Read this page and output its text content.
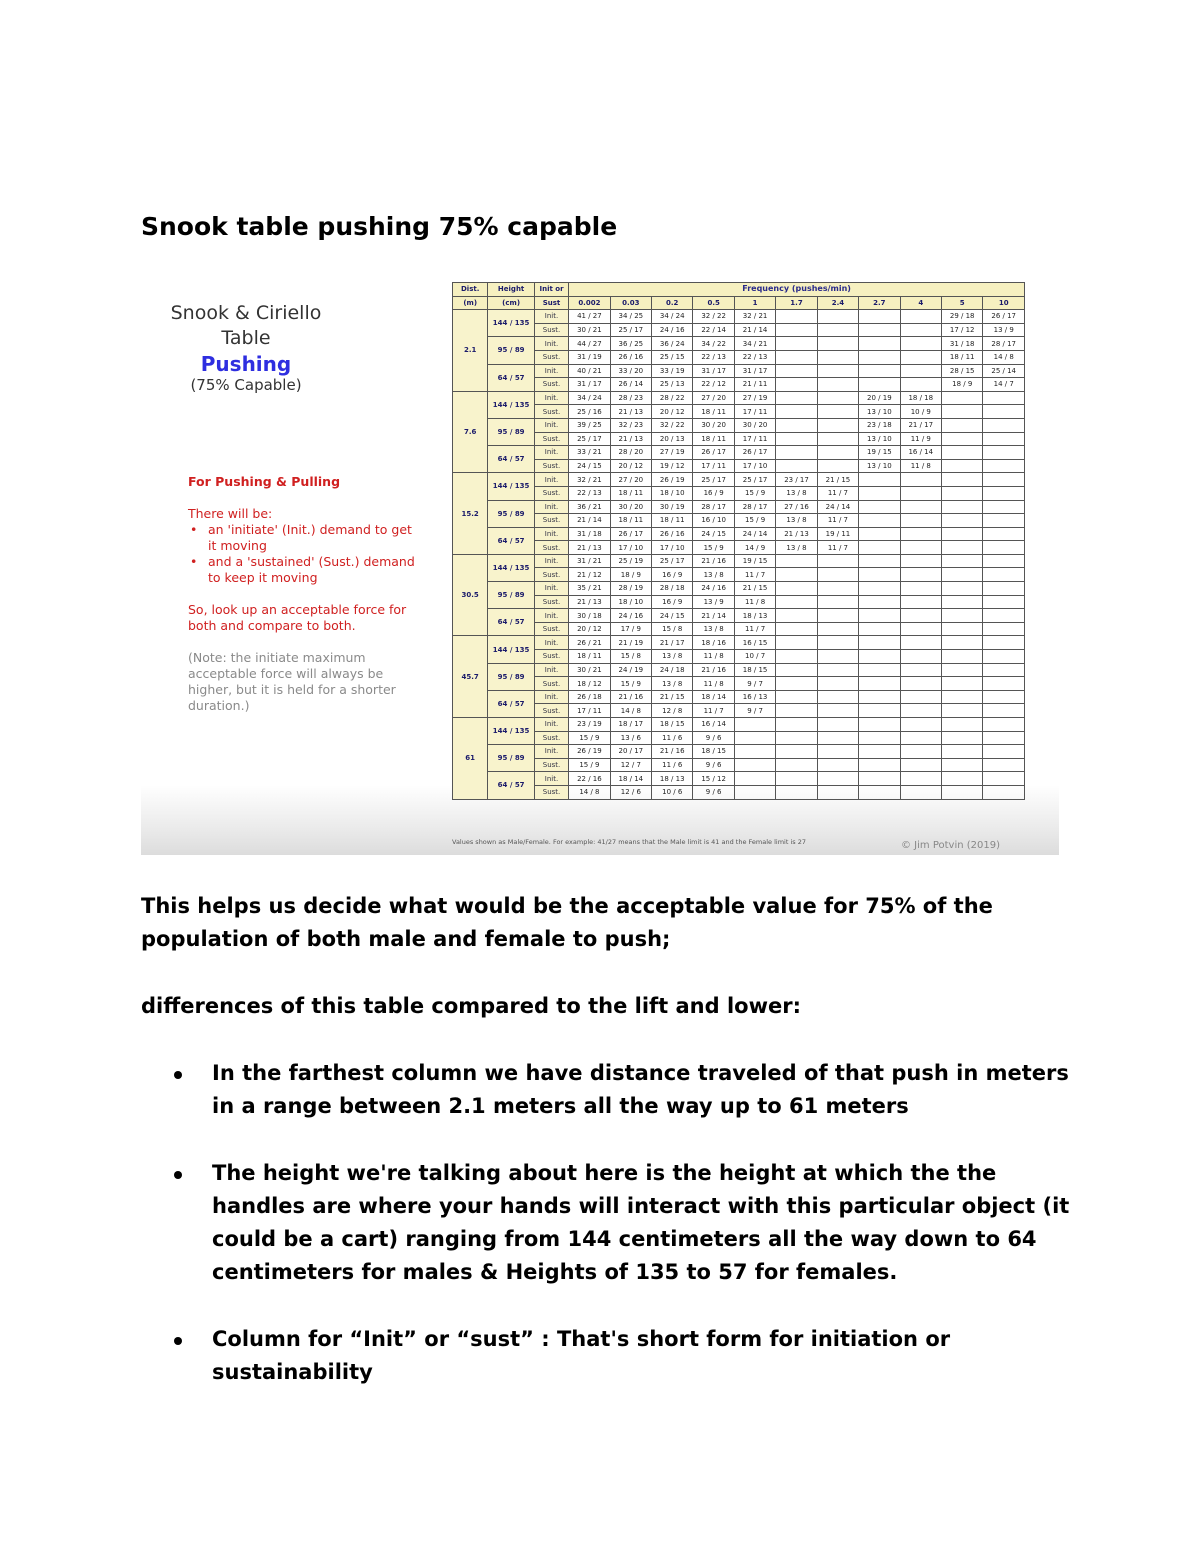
Snook table pushing 75% capable
Snook & Ciriello
Table
Pushing
(75% Capable)
For Pushing & Pulling
There will be:
• an 'initiate' (Init.) demand to get it moving
• and a 'sustained' (Sust.) demand to keep it moving
So, look up an acceptable force for both and compare to both.
(Note: the initiate maximum acceptable force will always be higher, but it is held for a shorter duration.)
Dist.	Height	Init or	Frequency (pushes/min)										
(m)	(cm)	Sust	0.002	0.03	0.2	0.5	1	1.7	2.4	2.7	4	5	10
2.1	144 / 135	Init.	41 / 27	34 / 25	34 / 24	32 / 22	32 / 21					29 / 18	26 / 17
		Sust.	30 / 21	25 / 17	24 / 16	22 / 14	21 / 14					17 / 12	13 / 9
	95 / 89	Init.	44 / 27	36 / 25	36 / 24	34 / 22	34 / 21					31 / 18	28 / 17
		Sust.	31 / 19	26 / 16	25 / 15	22 / 13	22 / 13					18 / 11	14 / 8
	64 / 57	Init.	40 / 21	33 / 20	33 / 19	31 / 17	31 / 17					28 / 15	25 / 14
		Sust.	31 / 17	26 / 14	25 / 13	22 / 12	21 / 11					18 / 9	14 / 7
7.6	144 / 135	Init.	34 / 24	28 / 23	28 / 22	27 / 20	27 / 19			20 / 19	18 / 18		
		Sust.	25 / 16	21 / 13	20 / 12	18 / 11	17 / 11			13 / 10	10 / 9		
	95 / 89	Init.	39 / 25	32 / 23	32 / 22	30 / 20	30 / 20			23 / 18	21 / 17		
		Sust.	25 / 17	21 / 13	20 / 13	18 / 11	17 / 11			13 / 10	11 / 9		
	64 / 57	Init.	33 / 21	28 / 20	27 / 19	26 / 17	26 / 17			19 / 15	16 / 14		
		Sust.	24 / 15	20 / 12	19 / 12	17 / 11	17 / 10			13 / 10	11 / 8		
15.2	144 / 135	Init.	32 / 21	27 / 20	26 / 19	25 / 17	25 / 17	23 / 17	21 / 15				
		Sust.	22 / 13	18 / 11	18 / 10	16 / 9	15 / 9	13 / 8	11 / 7				
	95 / 89	Init.	36 / 21	30 / 20	30 / 19	28 / 17	28 / 17	27 / 16	24 / 14				
		Sust.	21 / 14	18 / 11	18 / 11	16 / 10	15 / 9	13 / 8	11 / 7				
	64 / 57	Init.	31 / 18	26 / 17	26 / 16	24 / 15	24 / 14	21 / 13	19 / 11				
		Sust.	21 / 13	17 / 10	17 / 10	15 / 9	14 / 9	13 / 8	11 / 7				
30.5	144 / 135	Init.	31 / 21	25 / 19	25 / 17	21 / 16	19 / 15						
		Sust.	21 / 12	18 / 9	16 / 9	13 / 8	11 / 7						
	95 / 89	Init.	35 / 21	28 / 19	28 / 18	24 / 16	21 / 15						
		Sust.	21 / 13	18 / 10	16 / 9	13 / 9	11 / 8						
	64 / 57	Init.	30 / 18	24 / 16	24 / 15	21 / 14	18 / 13						
		Sust.	20 / 12	17 / 9	15 / 8	13 / 8	11 / 7						
45.7	144 / 135	Init.	26 / 21	21 / 19	21 / 17	18 / 16	16 / 15						
		Sust.	18 / 11	15 / 8	13 / 8	11 / 8	10 / 7						
	95 / 89	Init.	30 / 21	24 / 19	24 / 18	21 / 16	18 / 15						
		Sust.	18 / 12	15 / 9	13 / 8	11 / 8	9 / 7						
	64 / 57	Init.	26 / 18	21 / 16	21 / 15	18 / 14	16 / 13						
		Sust.	17 / 11	14 / 8	12 / 8	11 / 7	9 / 7						
61	144 / 135	Init.	23 / 19	18 / 17	18 / 15	16 / 14							
		Sust.	15 / 9	13 / 6	11 / 6	9 / 6							
	95 / 89	Init.	26 / 19	20 / 17	21 / 16	18 / 15							
		Sust.	15 / 9	12 / 7	11 / 6	9 / 6							
	64 / 57	Init.	22 / 16	18 / 14	18 / 13	15 / 12							
		Sust.	14 / 8	12 / 6	10 / 6	9 / 6							
Values shown as Male/Female. For example: 41/27 means that the Male limit is 41 and the Female limit is 27	© Jim Potvin (2019)
This helps us decide what would be the acceptable value for 75% of the population of both male and female to push;
differences of this table compared to the lift and lower:
In the farthest column we have distance traveled of that push in meters in a range between 2.1 meters all the way up to 61 meters
The height we're talking about here is the height at which the the handles are where your hands will interact with this particular object (it could be a cart) ranging from 144 centimeters all the way down to 64 centimeters for males & Heights of 135 to 57 for females.
Column for “Init” or “sust” : That's short form for initiation or sustainability
